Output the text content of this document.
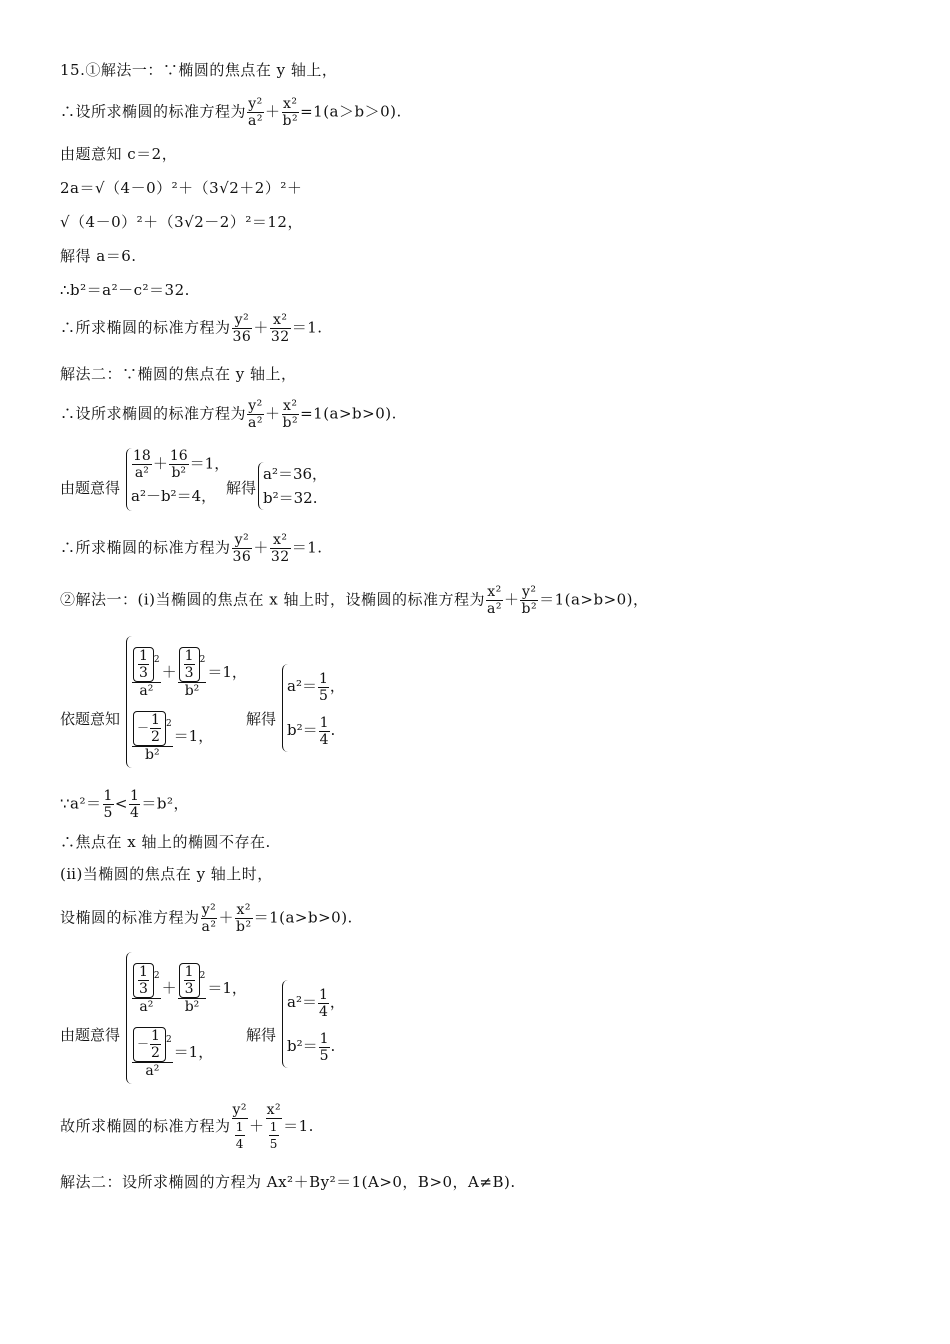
15.①解法一：∵椭圆的焦点在 y 轴上，
∴设所求椭圆的标准方程为 $\frac{\text{y²}}{\text{a²}} + \frac{\text{x²}}{\text{b²}} =1(a>b>0)$.
由题意知 c＝2，
2a＝√（4－0）²＋（3√2＋2）²＋
√（4－0）²＋（3√2－2）²＝12，
解得 a＝6.
∴b²＝a²－c²＝32.
∴所求椭圆的标准方程为 $\frac{\text{y²}}{36} + \frac{\text{x²}}{32} =1$.
解法二：∵椭圆的焦点在 y 轴上，
∴设所求椭圆的标准方程为 $\frac{\text{y²}}{\text{a²}} + \frac{\text{x²}}{\text{b²}} =1(a>b>0)$.
由题意得
$\frac{18}{\text{a²}} + \frac{16}{\text{b²}} =1$，
a²－b²＝4， 解得
a²＝36，
b²＝32.
∴所求椭圆的标准方程为 $\frac{\text{y²}}{36} + \frac{\text{x²}}{32} =1$.
②解法一：(ⅰ)当椭圆的焦点在 x 轴上时，设椭圆的标准方程为 $\frac{\text{x²}}{\text{a²}} + \frac{\text{y²}}{\text{b²}} =1(a>b>0)$，
依题意知
$\frac{\frac{1}{3} ^2}{\text{a²}} + \frac{\frac{1}{3} ^2}{\text{b²}} =1$，
$\frac{- \frac{1}{2} ^2}{\text{b²}} =1$，
解得
$a^2= \frac{1}{5}$ ，
$b^2= \frac{1}{4}$ .
∵a²＝ $\frac{1}{5} < \frac{1}{4} =b^2$，
∴焦点在 x 轴上的椭圆不存在.
(ⅱ)当椭圆的焦点在 y 轴上时，
设椭圆的标准方程为 $\frac{\text{y²}}{\text{a²}} + \frac{\text{x²}}{\text{b²}} =1(a>b>0)$.
由题意得
$\frac{\frac{1}{3} ^2}{\text{a²}} + \frac{\frac{1}{3} ^2}{\text{b²}} =1$，
$\frac{- \frac{1}{2} ^2}{\text{a²}} =1$，
解得
$a^2= \frac{1}{4}$ ，
$b^2= \frac{1}{5}$ .
故所求椭圆的标准方程为 $\frac{\text{y²}}{\frac{1}{4}} + \frac{\text{x²}}{\frac{1}{5}} =1$.
解法二：设所求椭圆的方程为 Ax²＋By²＝1(A>0，B>0，A≠B).
